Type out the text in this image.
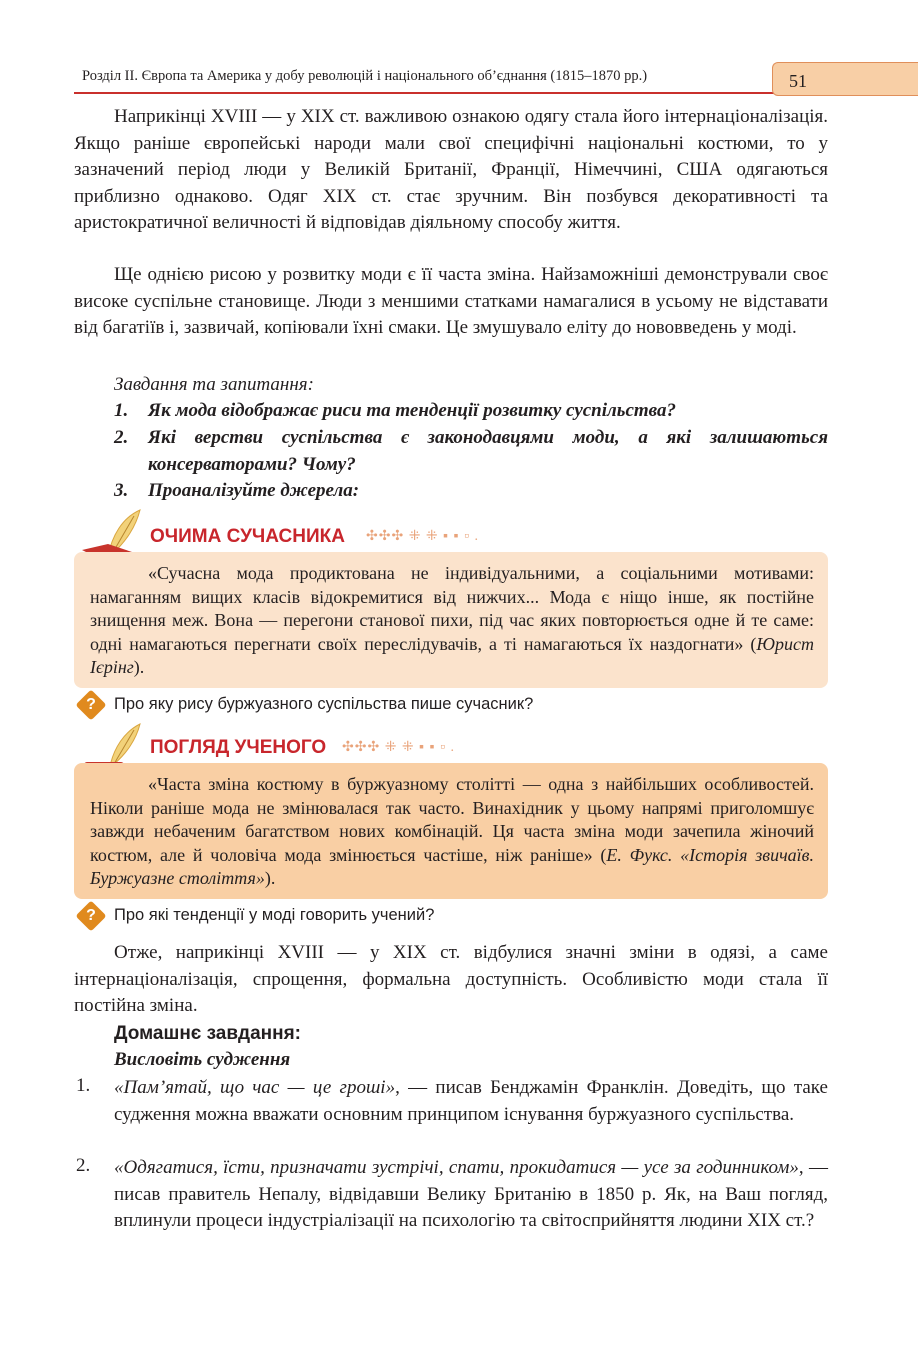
Розділ ІІ. Європа та Америка у добу революцій і національного об’єднання (1815–1870 рр.)	51

Наприкінці XVIII — у ХІХ ст. важливою ознакою одягу стала його інтернаціоналізація. Якщо раніше європейські народи мали свої специфічні національні костюми, то у зазначений період люди у Великій Британії, Франції, Німеччині, США одягаються приблизно однаково. Одяг ХІХ ст. стає зручним. Він позбувся декоративності та аристократичної величності й відповідав діяльному способу життя.

Ще однією рисою у розвитку моди є її часта зміна. Найзаможніші демонстрували своє високе суспільне становище. Люди з меншими статками намагалися в усьому не відставати від багатіїв і, зазвичай, копіювали їхні смаки. Це змушувало еліту до нововведень у моді.

Завдання та запитання:
1. Як мода відображає риси та тенденції розвитку суспільства?
2. Які верстви суспільства є законодавцями моди, а які залишаються консерваторами? Чому?
3. Проаналізуйте джерела:
ОЧИМА СУЧАСНИКА ✣✣✣ ⁜ ⁜ ▪ ▪ ▫ .
«Сучасна мода продиктована не індивідуальними, а соціальними мотивами: намаганням вищих класів відокремитися від нижчих... Мода є ніщо інше, як постійне знищення меж. Вона — перегони станової пихи, під час яких повторюється одне й те саме: одні намагаються перегнати своїх переслідувачів, а ті намагаються їх наздогнати» (Юрист Ієрінг).
?	Про яку рису буржуазного суспільства пише сучасник?
ПОГЛЯД УЧЕНОГО ✣✣✣ ⁜ ⁜ ▪ ▪ ▫ .
«Часта зміна костюму в буржуазному столітті — одна з найбільших особливостей. Ніколи раніше мода не змінювалася так часто. Винахідник у цьому напрямі приголомшує завжди небаченим багатством нових комбінацій. Ця часта зміна моди зачепила жіночий костюм, але й чоловіча мода змінюється частіше, ніж раніше» (Е. Фукс. «Історія звичаїв. Буржуазне століття»).
?	Про які тенденції у моді говорить учений?

Отже, наприкінці XVIII — у ХІХ ст. відбулися значні зміни в одязі, а саме інтернаціоналізація, спрощення, формальна доступність. Особливістю моди стала її постійна зміна.

Домашнє завдання:
Висловіть судження
1. «Пам’ятай, що час — це гроші», — писав Бенджамін Франклін. Доведіть, що таке судження можна вважати основним принципом існування буржуазного суспільства.
2. «Одягатися, їсти, призначати зустрічі, спати, прокидатися — усе за годинником», — писав правитель Непалу, відвідавши Велику Британію в 1850 р. Як, на Ваш погляд, вплинули процеси індустріалізації на психологію та світосприйняття людини ХІХ ст.?
